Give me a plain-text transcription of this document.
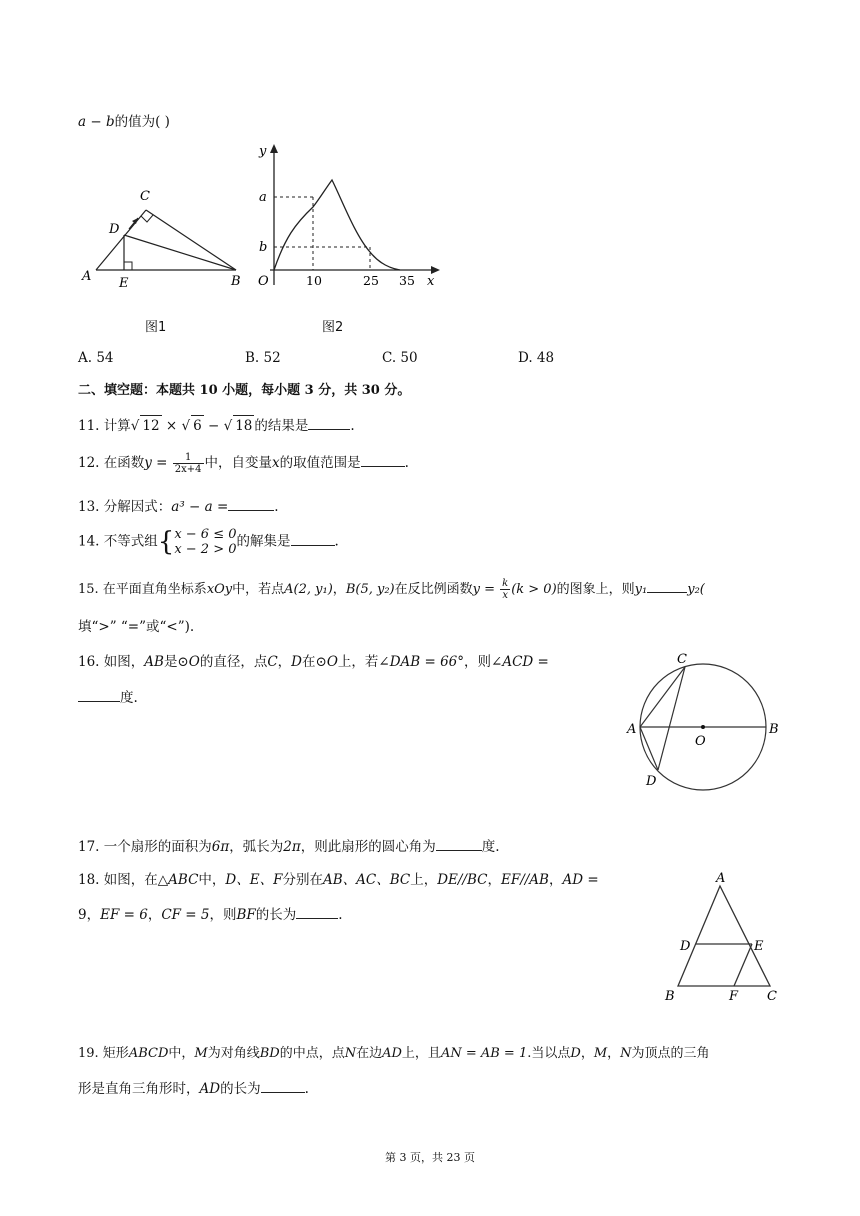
a − b的值为( )
A	B
C
D
E
图1
y
x
O
a
b
10	25 35
图2
A. 54	B. 52	C. 50	D. 48
二、填空题：本题共 10 小题，每小题 3 分，共 30 分。
11. 计算√ 12 × √ 6 − √ 18 的结果是	.
12. 在函数$y = \frac{1}{2x+4}$ 中，自变量x的取值范围是	.
13. 分解因式：a³ − a =	.
14. 不等式组{ x − 6 ≤ 0
x − 2 > 0 的解集是	.
15. 在平面直角坐标系xOy中，若点A(2, y₁)，B(5, y₂)在反比例函数$y = \frac{k}{x} (k > 0)$的图象上，则y₁	y₂(
填“>” “=”或“<”).
16. 如图，AB是⊙O的直径，点C，D在⊙O上，若∠DAB = 66°，则∠ACD =
度.
A	B
C
D
O
17. 一个扇形的面积为6π，弧长为2π，则此扇形的圆心角为	度.
18. 如图，在△ABC中，D、E、F分别在AB、AC、BC上，DE//BC，EF//AB，AD =
9，EF = 6，CF = 5，则BF的长为	.
A
B	C
D	E
F
19. 矩形ABCD中，M为对角线BD的中点，点N在边AD上，且AN = AB = 1.当以点D，M，N为顶点的三角
形是直角三角形时，AD的长为	.
第 3 页，共 23 页
